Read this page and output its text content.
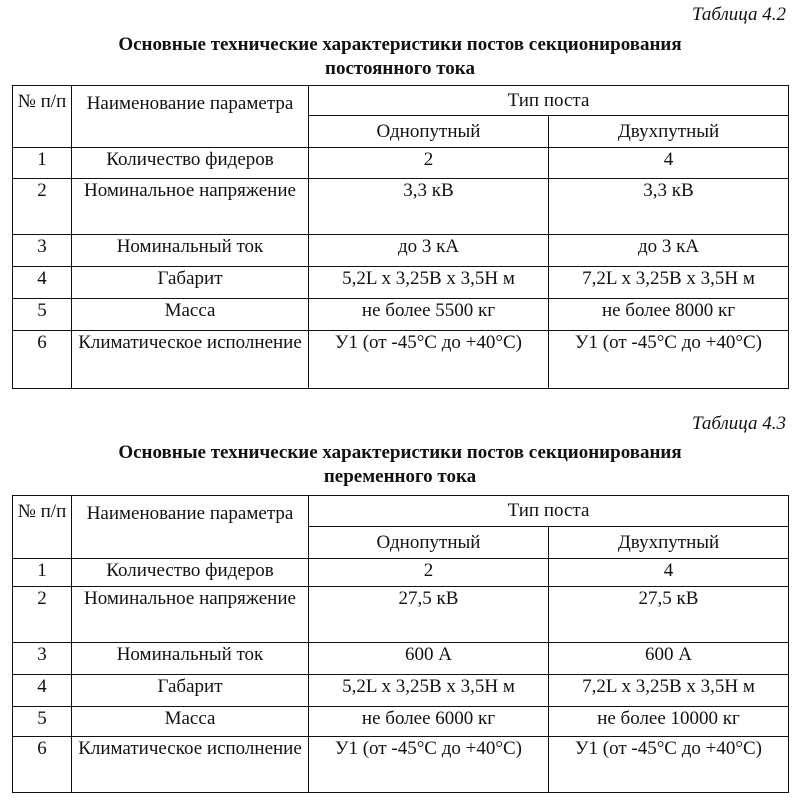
Таблица 4.2
Основные технические характеристики постов секционирования
постоянного тока
№ п/п	Наименование параметра	Тип поста	
		Однопутный	Двухпутный
1	Количество фидеров	2	4
2	Номинальное напряжение	3,3 кВ	3,3 кВ
3	Номинальный ток	до 3 кА	до 3 кА
4	Габарит	5,2L x 3,25B x 3,5H м	7,2L x 3,25B x 3,5H м
5	Масса	не более 5500 кг	не более 8000 кг
6	Климатическое исполнение	У1 (от -45°С до +40°С)	У1 (от -45°С до +40°С)
Таблица 4.3
Основные технические характеристики постов секционирования
переменного тока
№ п/п	Наименование параметра	Тип поста	
		Однопутный	Двухпутный
1	Количество фидеров	2	4
2	Номинальное напряжение	27,5 кВ	27,5 кВ
3	Номинальный ток	600 А	600 А
4	Габарит	5,2L x 3,25B x 3,5H м	7,2L x 3,25B x 3,5H м
5	Масса	не более 6000 кг	не более 10000 кг
6	Климатическое исполнение	У1 (от -45°С до +40°С)	У1 (от -45°С до +40°С)
